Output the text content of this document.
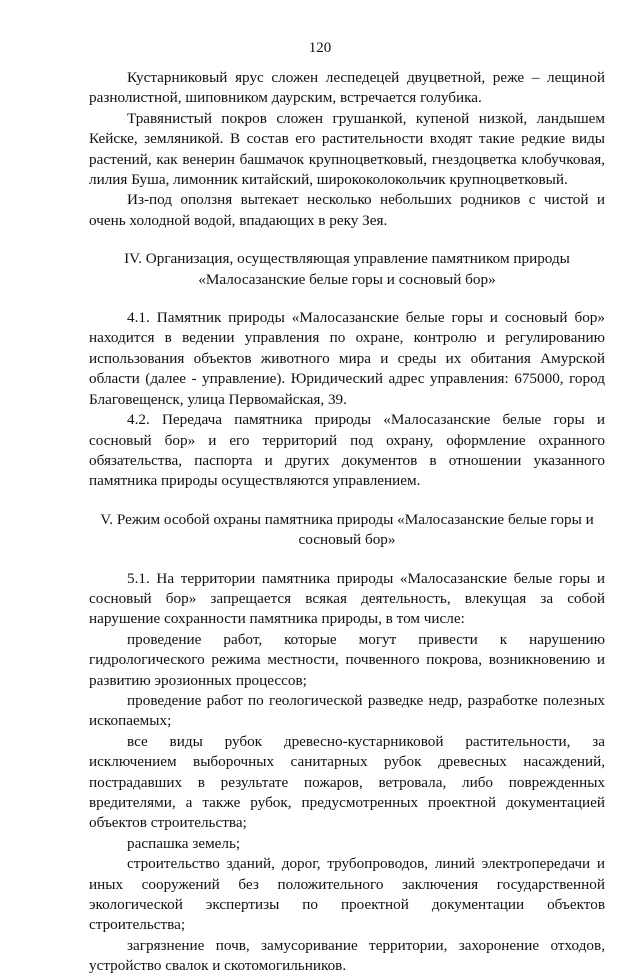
120

Кустарниковый ярус сложен леспедецей двуцветной, реже – лещиной разнолистной, шиповником даурским, встречается голубика.

Травянистый покров сложен грушанкой, купеной низкой, ландышем Кейске, земляникой. В состав его растительности входят такие редкие виды растений, как венерин башмачок крупноцветковый, гнездоцветка клобучковая, лилия Буша, лимонник китайский, ширококолокольчик крупноцветковый.

Из-под оползня вытекает несколько небольших родников с чистой и очень холодной водой, впадающих в реку Зея.

IV. Организация, осуществляющая управление памятником природы «Малосазанские белые горы и сосновый бор»

4.1. Памятник природы «Малосазанские белые горы и сосновый бор» находится в ведении управления по охране, контролю и регулированию использования объектов животного мира и среды их обитания Амурской области (далее - управление). Юридический адрес управления: 675000, город Благовещенск, улица Первомайская, 39.

4.2. Передача памятника природы «Малосазанские белые горы и сосновый бор» и его территорий под охрану, оформление охранного обязательства, паспорта и других документов в отношении указанного памятника природы осуществляются управлением.

V. Режим особой охраны памятника природы «Малосазанские белые горы и сосновый бор»

5.1. На территории памятника природы «Малосазанские белые горы и сосновый бор» запрещается всякая деятельность, влекущая за собой нарушение сохранности памятника природы, в том числе:

проведение работ, которые могут привести к нарушению гидрологического режима местности, почвенного покрова, возникновению и развитию эрозионных процессов;

проведение работ по геологической разведке недр, разработке полезных ископаемых;

все виды рубок древесно-кустарниковой растительности, за исключением выборочных санитарных рубок древесных насаждений, пострадавших в результате пожаров, ветровала, либо поврежденных вредителями, а также рубок, предусмотренных проектной документацией объектов строительства;

распашка земель;

строительство зданий, дорог, трубопроводов, линий электропередачи и иных сооружений без положительного заключения государственной экологической экспертизы по проектной документации объектов строительства;

загрязнение почв, замусоривание территории, захоронение отходов, устройство свалок и скотомогильников.
